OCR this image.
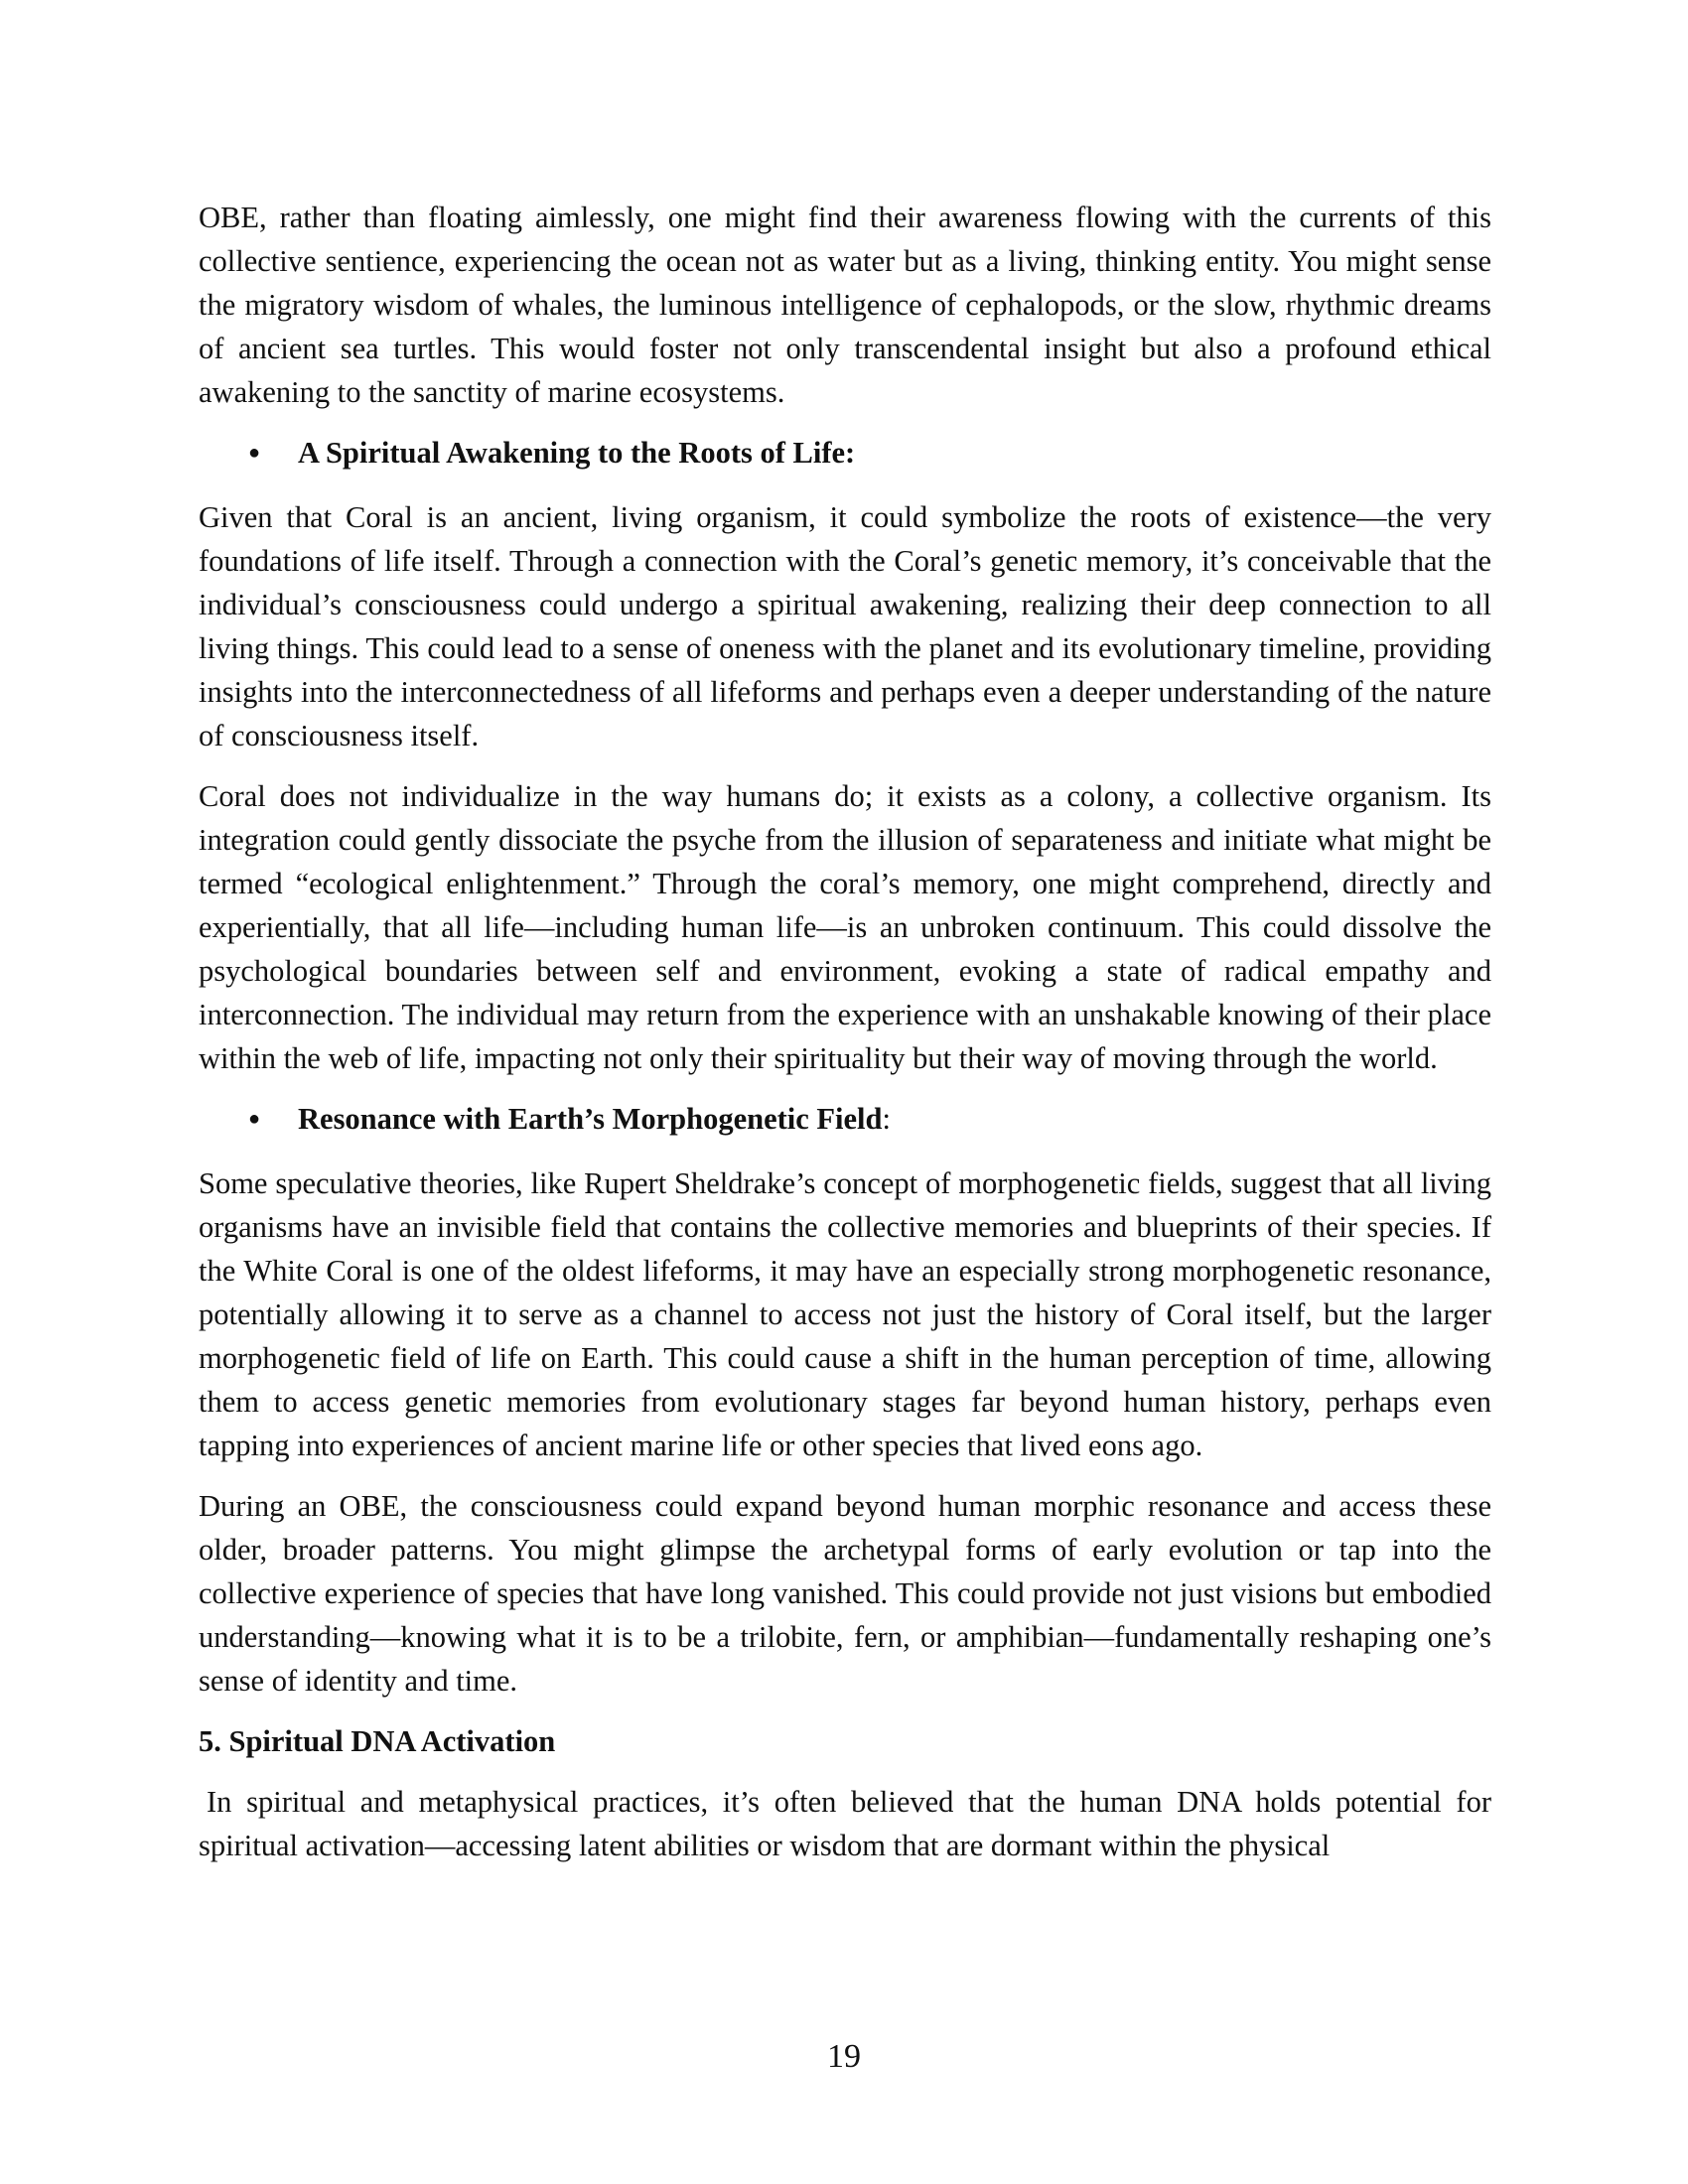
OBE, rather than floating aimlessly, one might find their awareness flowing with the currents of this collective sentience, experiencing the ocean not as water but as a living, thinking entity. You might sense the migratory wisdom of whales, the luminous intelligence of cephalopods, or the slow, rhythmic dreams of ancient sea turtles. This would foster not only transcendental insight but also a profound ethical awakening to the sanctity of marine ecosystems.

●	A Spiritual Awakening to the Roots of Life:

Given that Coral is an ancient, living organism, it could symbolize the roots of existence—the very foundations of life itself. Through a connection with the Coral’s genetic memory, it’s conceivable that the individual’s consciousness could undergo a spiritual awakening, realizing their deep connection to all living things. This could lead to a sense of oneness with the planet and its evolutionary timeline, providing insights into the interconnectedness of all lifeforms and perhaps even a deeper understanding of the nature of consciousness itself.

Coral does not individualize in the way humans do; it exists as a colony, a collective organism. Its integration could gently dissociate the psyche from the illusion of separateness and initiate what might be termed “ecological enlightenment.” Through the coral’s memory, one might comprehend, directly and experientially, that all life—including human life—is an unbroken continuum. This could dissolve the psychological boundaries between self and environment, evoking a state of radical empathy and interconnection. The individual may return from the experience with an unshakable knowing of their place within the web of life, impacting not only their spirituality but their way of moving through the world.

●	Resonance with Earth’s Morphogenetic Field:

Some speculative theories, like Rupert Sheldrake’s concept of morphogenetic fields, suggest that all living organisms have an invisible field that contains the collective memories and blueprints of their species. If the White Coral is one of the oldest lifeforms, it may have an especially strong morphogenetic resonance, potentially allowing it to serve as a channel to access not just the history of Coral itself, but the larger morphogenetic field of life on Earth. This could cause a shift in the human perception of time, allowing them to access genetic memories from evolutionary stages far beyond human history, perhaps even tapping into experiences of ancient marine life or other species that lived eons ago.

During an OBE, the consciousness could expand beyond human morphic resonance and access these older, broader patterns. You might glimpse the archetypal forms of early evolution or tap into the collective experience of species that have long vanished. This could provide not just visions but embodied understanding—knowing what it is to be a trilobite, fern, or amphibian—fundamentally reshaping one’s sense of identity and time.

5. Spiritual DNA Activation

In spiritual and metaphysical practices, it’s often believed that the human DNA holds potential for spiritual activation—accessing latent abilities or wisdom that are dormant within the physical

19
